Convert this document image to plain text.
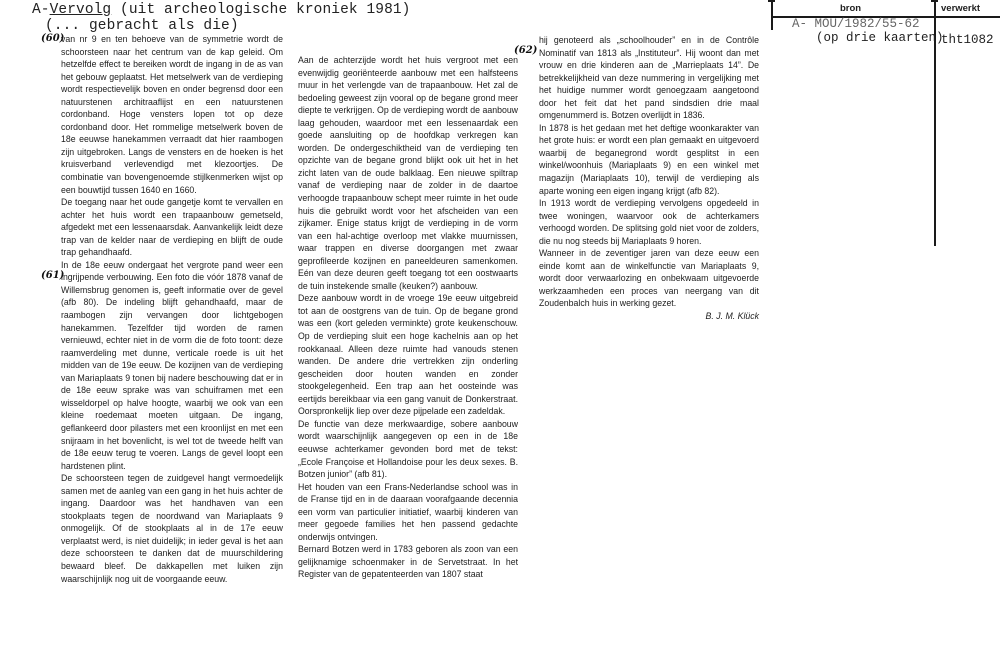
A-Vervolg (uit archeologische kroniek 1981)
(... gebracht als die)
bron	verwerkt
A- MOU/1982/55-62
(op drie kaarten)
tht1082
(60)
(61)
(62)

van nr 9 en ten behoeve van de symmetrie wordt de schoorsteen naar het centrum van de kap geleid. Om hetzelfde effect te bereiken wordt de ingang in de as van het gebouw geplaatst. Het metselwerk van de verdieping wordt respectievelijk boven en onder begrensd door een natuurstenen architraaflijst en een natuurstenen cordonband. Hoge vensters lopen tot op deze cordonband door. Het rommelige metselwerk boven de 18e eeuwse hanekammen verraadt dat hier raambogen zijn uitgebroken. Langs de vensters en de hoeken is het kruisverband verlevendigd met klezoortjes. De combinatie van bovengenoemde stijlkenmerken wijst op een bouwtijd tussen 1640 en 1660.

De toegang naar het oude gangetje komt te vervallen en achter het huis wordt een trapaanbouw gemetseld, afgedekt met een lessenaarsdak. Aanvankelijk leidt deze trap van de kelder naar de verdieping en blijft de oude trap gehandhaafd.

In de 18e eeuw ondergaat het vergrote pand weer een ingrijpende verbouwing. Een foto die vóór 1878 vanaf de Willemsbrug genomen is, geeft informatie over de gevel (afb 80). De indeling blijft gehandhaafd, maar de raambogen zijn vervangen door lichtgebogen hanekammen. Tezelfder tijd worden de ramen vernieuwd, echter niet in de vorm die de foto toont: deze raamverdeling met dunne, verticale roede is uit het midden van de 19e eeuw. De kozijnen van de verdieping van Mariaplaats 9 tonen bij nadere beschouwing dat er in de 18e eeuw sprake was van schuiframen met een wisseldorpel op halve hoogte, waarbij we ook van een kleine roedemaat moeten uitgaan. De ingang, geflankeerd door pilasters met een kroonlijst en met een snijraam in het bovenlicht, is wel tot de tweede helft van de 18e eeuw terug te voeren. Langs de gevel loopt een hardstenen plint.

De schoorsteen tegen de zuidgevel hangt vermoedelijk samen met de aanleg van een gang in het huis achter de ingang. Daardoor was het handhaven van een stookplaats tegen de noordwand van Mariaplaats 9 onmogelijk. Of de stookplaats al in de 17e eeuw verplaatst werd, is niet duidelijk; in ieder geval is het aan deze schoorsteen te danken dat de muurschildering bewaard bleef. De dakkapellen met luiken zijn waarschijnlijk nog uit de voorgaande eeuw.

Aan de achterzijde wordt het huis vergroot met een evenwijdig georiënteerde aanbouw met een halfsteens muur in het verlengde van de trapaanbouw. Het zal de bedoeling geweest zijn vooral op de begane grond meer diepte te verkrijgen. Op de verdieping wordt de aanbouw laag gehouden, waardoor met een lessenaardak een goede aansluiting op de hoofdkap verkregen kan worden. De ondergeschiktheid van de verdieping ten opzichte van de begane grond blijkt ook uit het in het zicht laten van de oude balklaag. Een nieuwe spiltrap vanaf de verdieping naar de zolder in de daartoe verhoogde trapaanbouw schept meer ruimte in het oude huis die gebruikt wordt voor het afscheiden van een zijkamer. Enige status krijgt de verdieping in de vorm van een hal-achtige overloop met vlakke muurnissen, waar trappen en diverse doorgangen met zwaar geprofileerde kozijnen en paneeldeuren samenkomen. Eén van deze deuren geeft toegang tot een oostwaarts de tuin instekende smalle (keuken?) aanbouw.

Deze aanbouw wordt in de vroege 19e eeuw uitgebreid tot aan de oostgrens van de tuin. Op de begane grond was een (kort geleden verminkte) grote keukenschouw. Op de verdieping sluit een hoge kachelnis aan op het rookkanaal. Alleen deze ruimte had vanouds stenen wanden. De andere drie vertrekken zijn onderling gescheiden door houten wanden en zonder stookgelegenheid. Een trap aan het oosteinde was eertijds bereikbaar via een gang vanuit de Donkerstraat. Oorspronkelijk liep over deze pijpelade een zadeldak.

De functie van deze merkwaardige, sobere aanbouw wordt waarschijnlijk aangegeven op een in de 18e eeuwse achterkamer gevonden bord met de tekst: „Ecole Françoise et Hollandoise pour les deux sexes. B. Botzen junior” (afb 81).

Het houden van een Frans-Nederlandse school was in de Franse tijd en in de daaraan voorafgaande decennia een vorm van particulier initiatief, waarbij kinderen van meer gegoede families het hen passend gedachte onderwijs ontvingen.

Bernard Botzen werd in 1783 geboren als zoon van een gelijknamige schoenmaker in de Servetstraat. In het Register van de gepatenteerden van 1807 staat

hij genoteerd als „schoolhouder” en in de Contrôle Nominatif van 1813 als „Instituteur”. Hij woont dan met vrouw en drie kinderen aan de „Marrieplaats 14”. De betrekkelijkheid van deze nummering in vergelijking met het huidige nummer wordt genoegzaam aangetoond door het feit dat het pand sindsdien drie maal omgenummerd is. Botzen overlijdt in 1836.

In 1878 is het gedaan met het deftige woonkarakter van het grote huis: er wordt een plan gemaakt en uitgevoerd waarbij de beganegrond wordt gesplitst in een winkel/woonhuis (Mariaplaats 9) en een winkel met magazijn (Mariaplaats 10), terwijl de verdieping als aparte woning een eigen ingang krijgt (afb 82).

In 1913 wordt de verdieping vervolgens opgedeeld in twee woningen, waarvoor ook de achterkamers verhoogd worden. De splitsing gold niet voor de zolders, die nu nog steeds bij Mariaplaats 9 horen.

Wanneer in de zeventiger jaren van deze eeuw een einde komt aan de winkelfunctie van Mariaplaats 9, wordt door verwaarlozing en onbekwaam uitgevoerde werkzaamheden een proces van neergang van dit Zoudenbalch huis in werking gezet.

B. J. M. Klück
